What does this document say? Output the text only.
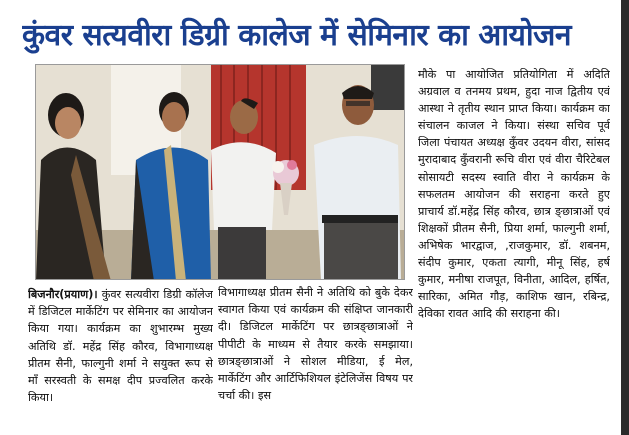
कुंवर सत्यवीरा डिग्री कालेज में सेमिनार का आयोजन

बिजनौर(प्रयाण)। कुंवर सत्यवीरा डिग्री कॉलेज में डिजिटल मार्केटिंग पर सेमिनार का आयोजन किया गया। कार्यक्रम का शुभारम्भ मुख्य अतिथि डॉ. महेंद्र सिंह कौरव, विभागाध्यक्ष प्रीतम सैनी, फाल्गुनी शर्मा ने सयुक्त रूप से माँ सरस्वती के समक्ष दीप प्रज्वलित करके किया।

विभागाध्यक्ष प्रीतम सैनी ने अतिथि को बुके देकर स्वागत किया एवं कार्यक्रम की संक्षिप्त जानकारी दी। डिजिटल मार्केटिंग पर छात्रङ्छात्राओं ने पीपीटी के माध्यम से तैयार करके समझाया। छात्रङ्छात्राओं ने सोशल मीडिया, ई मेल, मार्केटिंग और आर्टिफिशियल इंटेलिजेंस विषय पर चर्चा की। इस

मौके पा आयोजित प्रतियोगिता में अदिति अग्रवाल व तनमय प्रथम, हुदा नाज द्वितीय एवं आस्था ने तृतीय स्थान प्राप्त किया। कार्यक्रम का संचालन काजल ने किया। संस्था सचिव पूर्व जिला पंचायत अध्यक्ष कुँवर उदयन वीरा, सांसद मुरादाबाद कुँवरानी रूचि वीरा एवं वीरा चैरिटेबल सोसायटी सदस्य स्वाति वीरा ने कार्यक्रम के सफलतम आयोजन की सराहना करते हुए प्राचार्य डॉ.महेंद्र सिंह कौरव, छात्र ङ्छात्राओं एवं शिक्षकों प्रीतम सैनी, प्रिया शर्मा, फाल्गुनी शर्मा, अभिषेक भारद्वाज, ,राजकुमार, डॉ. शबनम, संदीप कुमार, एकता त्यागी, मीनू सिंह, हर्ष कुमार, मनीषा राजपूत, विनीता, आदिल, हर्षित, सारिका, अमित गौड़, काशिफ खान, रबिन्द्र, देविका रावत आदि की सराहना की।
